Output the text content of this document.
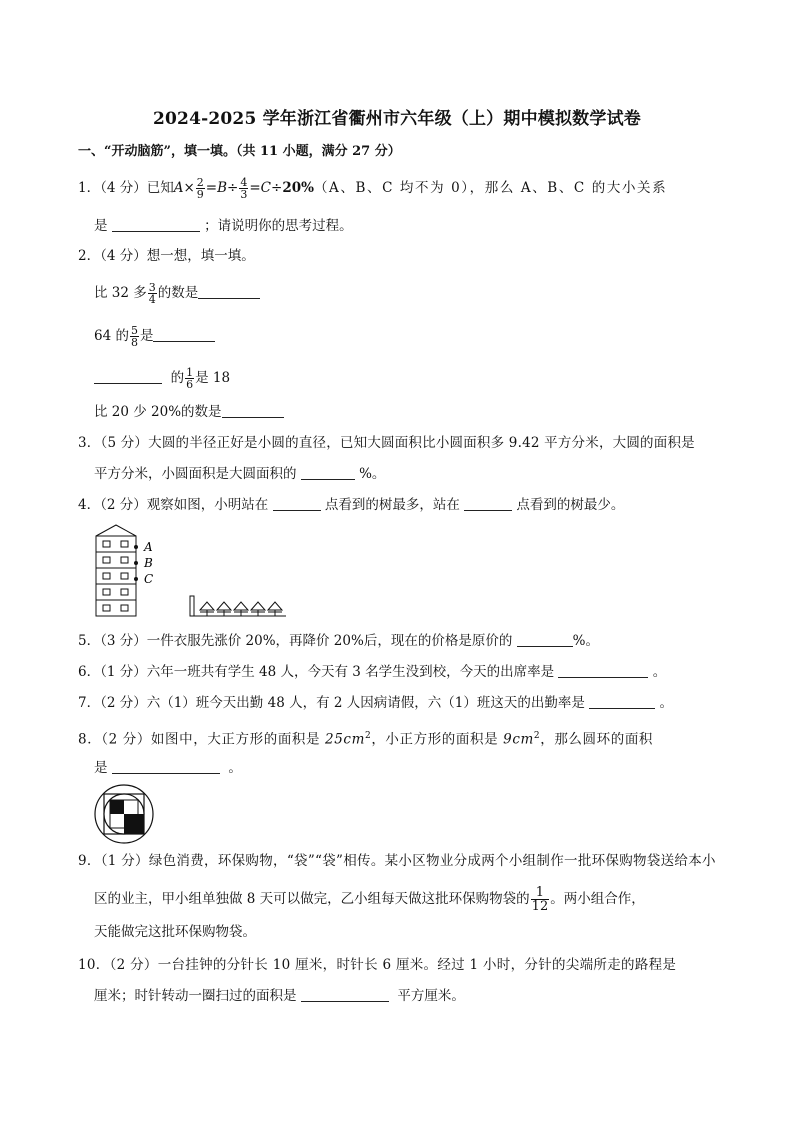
2024-2025 学年浙江省衢州市六年级（上）期中模拟数学试卷
一、“开动脑筋”，填一填。（共 11 小题，满分 27 分）
1．（4 分）已知$A\times \frac{2}{9} =B\div \frac{4}{3} =C\div 20\%(A$、B、C 均不为 0），那么 A、B、C 的大小关系
是	；请说明你的思考过程。
2．（4 分）想一想，填一填。
比 32 多 $\frac{3}{4}$ 的数是
64 的 $\frac{5}{8}$ 是
的 $\frac{1}{6}$ 是 18
比 20 少 20%的数是
3．（5 分）大圆的半径正好是小圆的直径，已知大圆面积比小圆面积多 9.42 平方分米，大圆的面积是
平方分米，小圆面积是大圆面积的	%。
4．（2 分）观察如图，小明站在	点看到的树最多，站在	点看到的树最少。
A
B
C
5．（3 分）一件衣服先涨价 20%，再降价 20%后，现在的价格是原价的	%。
6．（1 分）六年一班共有学生 48 人，今天有 3 名学生没到校，今天的出席率是	。
7．（2 分）六（1）班今天出勤 48 人，有 2 人因病请假，六（1）班这天的出勤率是	。
8．（2 分）如图中，大正方形的面积是 $25cm^2$，小正方形的面积是 $9cm^2$，那么圆环的面积
是	。
9．（1 分）绿色消费，环保购物，“袋”“袋”相传。某小区物业分成两个小组制作一批环保购物袋送给本小
区的业主，甲小组单独做 8 天可以做完，乙小组每天做这批环保购物袋的 $\frac{1}{12}$ 。两小组合作，
天能做完这批环保购物袋。
10．（2 分）一台挂钟的分针长 10 厘米，时针长 6 厘米。经过 1 小时，分针的尖端所走的路程是
厘米；时针转动一圈扫过的面积是	平方厘米。
